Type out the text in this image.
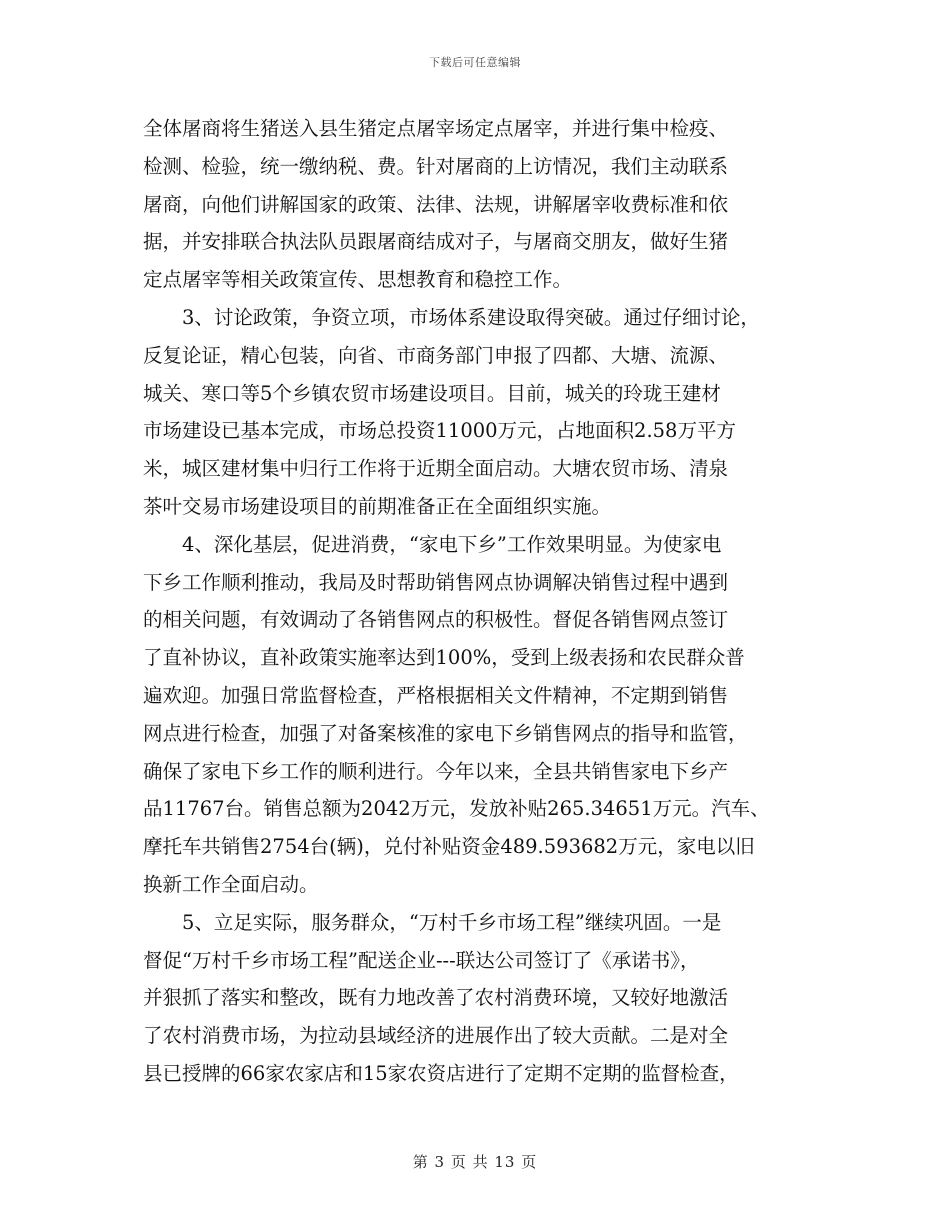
下载后可任意编辑
全体屠商将生猪送入县生猪定点屠宰场定点屠宰，并进行集中检疫、
检测、检验，统一缴纳税、费。针对屠商的上访情况，我们主动联系
屠商，向他们讲解国家的政策、法律、法规，讲解屠宰收费标准和依
据，并安排联合执法队员跟屠商结成对子，与屠商交朋友，做好生猪
定点屠宰等相关政策宣传、思想教育和稳控工作。
3、讨论政策，争资立项，市场体系建设取得突破。通过仔细讨论，
反复论证，精心包装，向省、市商务部门申报了四都、大塘、流源、
城关、寒口等5个乡镇农贸市场建设项目。目前，城关的玲珑王建材
市场建设已基本完成，市场总投资11000万元，占地面积2.58万平方
米，城区建材集中归行工作将于近期全面启动。大塘农贸市场、清泉
茶叶交易市场建设项目的前期准备正在全面组织实施。
4、深化基层，促进消费，“家电下乡”工作效果明显。为使家电
下乡工作顺利推动，我局及时帮助销售网点协调解决销售过程中遇到
的相关问题，有效调动了各销售网点的积极性。督促各销售网点签订
了直补协议，直补政策实施率达到100%，受到上级表扬和农民群众普
遍欢迎。加强日常监督检查，严格根据相关文件精神，不定期到销售
网点进行检查，加强了对备案核准的家电下乡销售网点的指导和监管，
确保了家电下乡工作的顺利进行。今年以来，全县共销售家电下乡产
品11767台。销售总额为2042万元，发放补贴265.34651万元。汽车、
摩托车共销售2754台(辆)，兑付补贴资金489.593682万元，家电以旧
换新工作全面启动。
5、立足实际，服务群众，“万村千乡市场工程”继续巩固。一是
督促“万村千乡市场工程”配送企业---联达公司签订了《承诺书》，
并狠抓了落实和整改，既有力地改善了农村消费环境，又较好地激活
了农村消费市场，为拉动县域经济的进展作出了较大贡献。二是对全
县已授牌的66家农家店和15家农资店进行了定期不定期的监督检查，
第 3 页 共 13 页
